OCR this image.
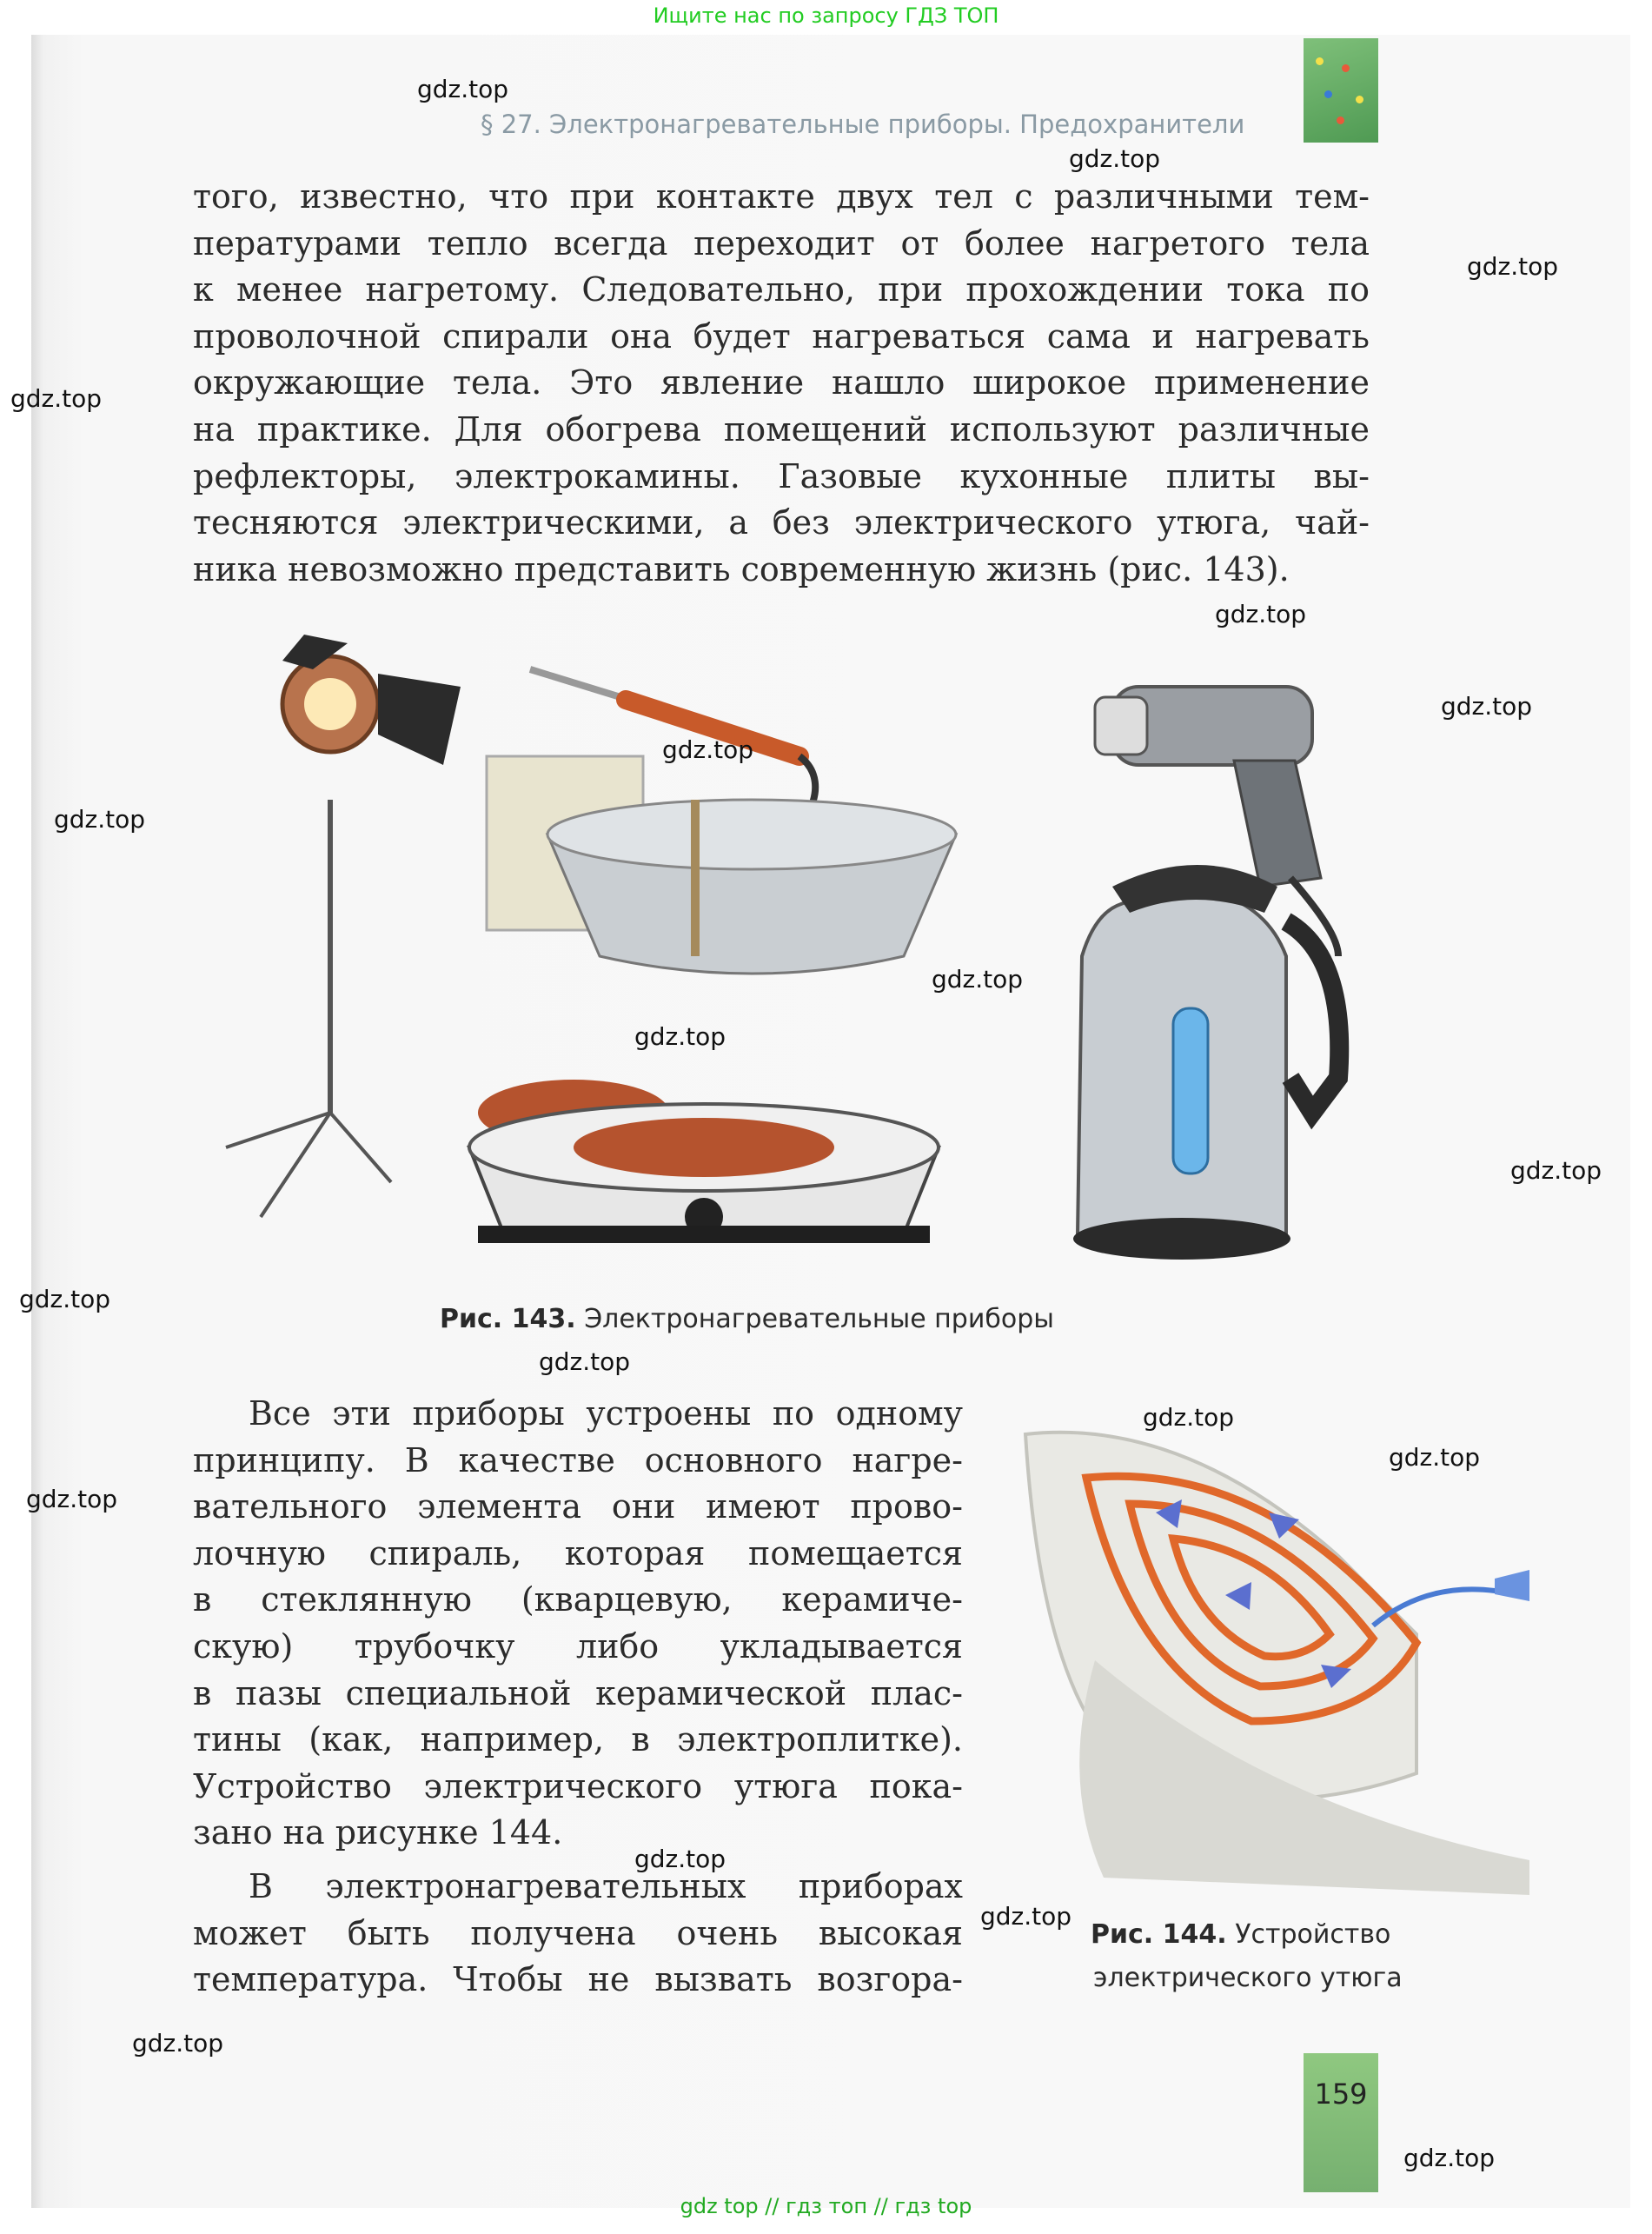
Ищите нас по запросу ГДЗ ТОП
§ 27. Электронагревательные приборы. Предохранители
того, известно, что при контакте двух тел с различными тем-
пературами тепло всегда переходит от более нагретого тела
к менее нагретому. Следовательно, при прохождении тока по
проволочной спирали она будет нагреваться сама и нагревать
окружающие тела. Это явление нашло широкое применение
на практике. Для обогрева помещений используют различные
рефлекторы, электрокамины. Газовые кухонные плиты вы-
тесняются электрическими, а без электрического утюга, чай-
ника невозможно представить современную жизнь (рис. 143).
Рис. 143. Электронагревательные приборы
Все эти приборы устроены по одному
принципу. В качестве основного нагре-
вательного элемента они имеют прово-
лочную спираль, которая помещается
в стеклянную (кварцевую, керамиче-
скую) трубочку либо укладывается
в пазы специальной керамической плас-
тины (как, например, в электроплитке).
Устройство электрического утюга пока-
зано на рисунке 144.
В электронагревательных приборах
может быть получена очень высокая
температура. Чтобы не вызвать возгора-
Рис. 144. Устройство
электрического утюга
159
gdz.top
gdz.top
gdz.top
gdz.top
gdz.top
gdz.top
gdz.top
gdz.top
gdz.top
gdz.top
gdz.top
gdz.top
gdz.top
gdz.top
gdz.top
gdz.top
gdz.top
gdz.top
gdz.top
gdz.top
gdz top // гдз топ // гдз top
